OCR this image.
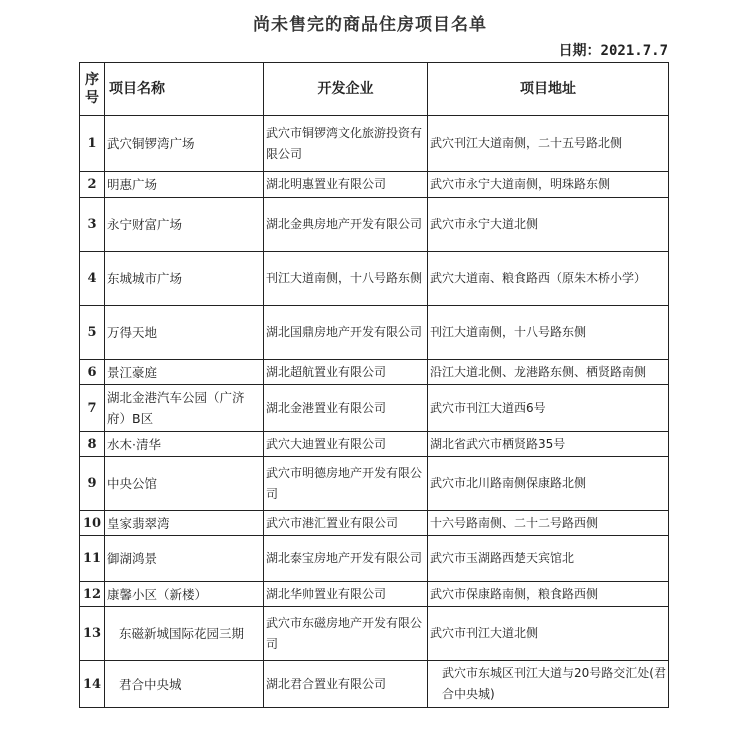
尚未售完的商品住房项目名单
日期：2021.7.7
序号	项目名称	开发企业	项目地址
1	武穴铜锣湾广场	武穴市铜锣湾文化旅游投资有限公司	武穴刊江大道南侧，二十五号路北侧
2	明惠广场	湖北明惠置业有限公司	武穴市永宁大道南侧，明珠路东侧
3	永宁财富广场	湖北金典房地产开发有限公司	武穴市永宁大道北侧
4	东城城市广场	刊江大道南侧，十八号路东侧	武穴大道南、粮食路西（原朱木桥小学）
5	万得天地	湖北国鼎房地产开发有限公司	刊江大道南侧，十八号路东侧
6	景江豪庭	湖北超航置业有限公司	沿江大道北侧、龙港路东侧、栖贤路南侧
7	湖北金港汽车公园（广济府）B区	湖北金港置业有限公司	武穴市刊江大道西6号
8	水木·清华	武穴大迪置业有限公司	湖北省武穴市栖贤路35号
9	中央公馆	武穴市明德房地产开发有限公司	武穴市北川路南侧保康路北侧
10	皇家翡翠湾	武穴市港汇置业有限公司	十六号路南侧、二十二号路西侧
11	御湖鸿景	湖北泰宝房地产开发有限公司	武穴市玉湖路西楚天宾馆北
12	康馨小区（新楼）	湖北华帅置业有限公司	武穴市保康路南侧，粮食路西侧
13	东磁新城国际花园三期	武穴市东磁房地产开发有限公司	武穴市刊江大道北侧
14	君合中央城	湖北君合置业有限公司	武穴市东城区刊江大道与20号路交汇处(君合中央城)
